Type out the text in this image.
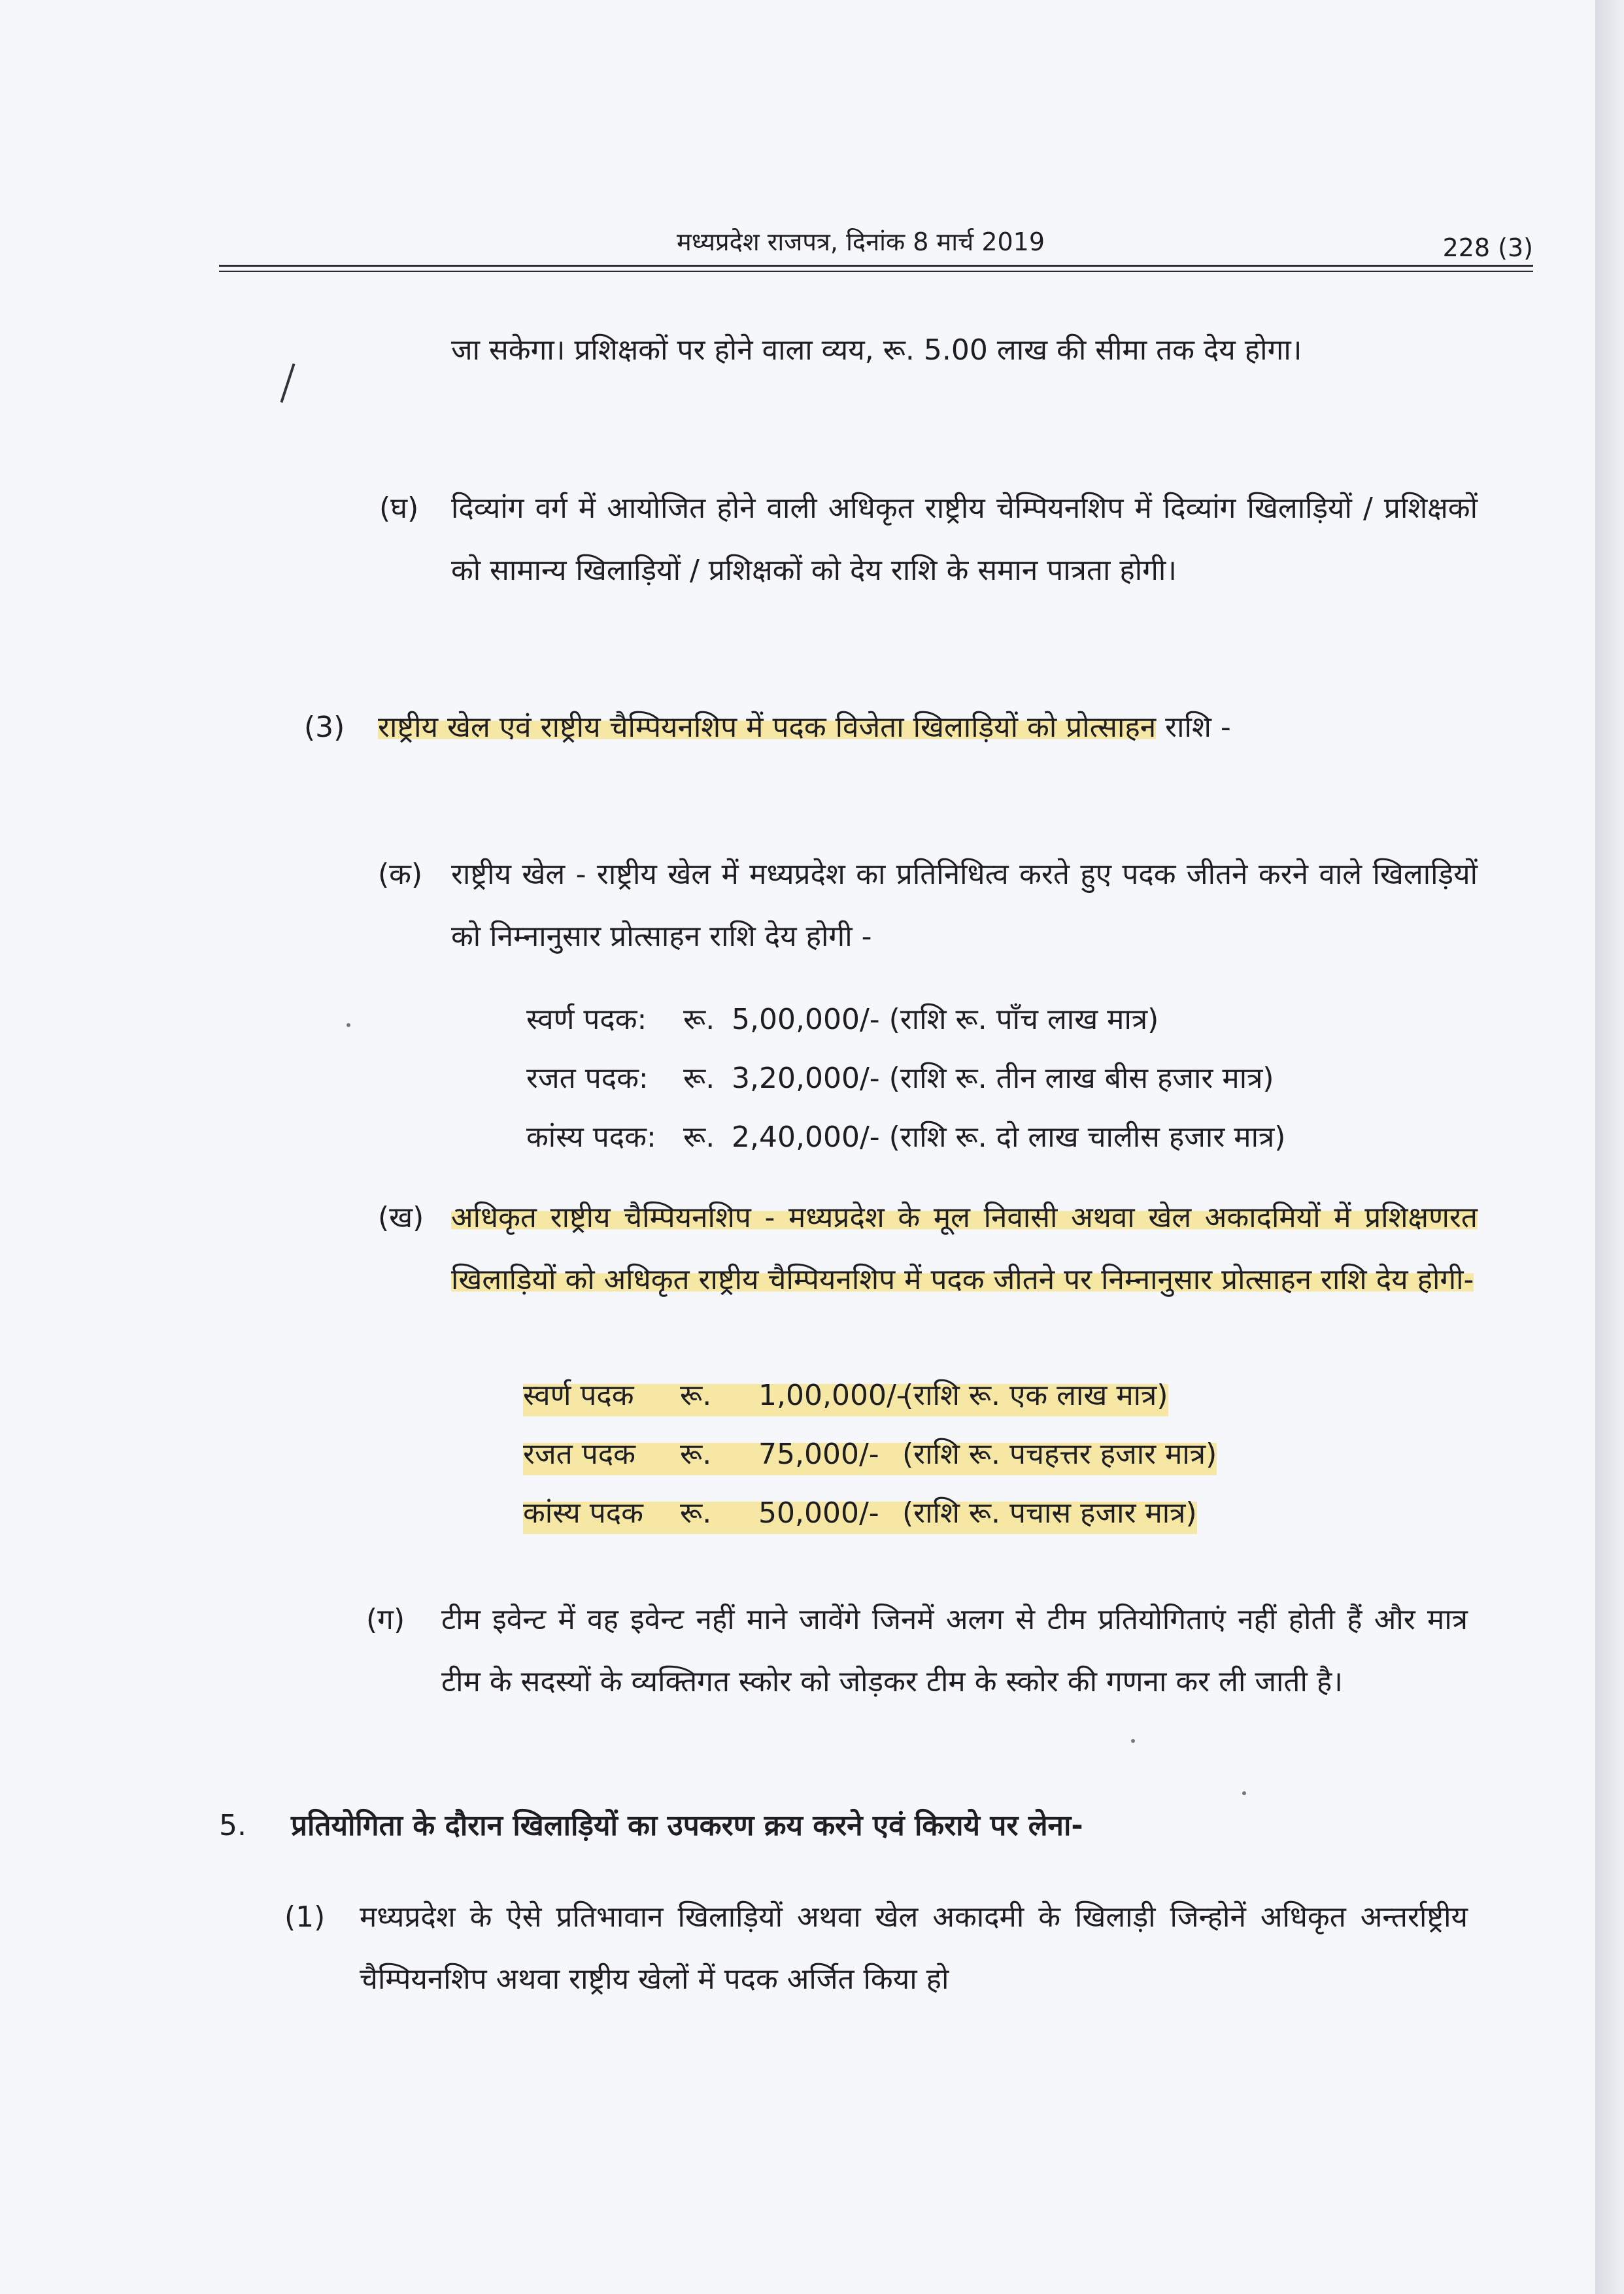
मध्यप्रदेश राजपत्र, दिनांक 8 मार्च 2019	228 (3)
जा सकेगा। प्रशिक्षकों पर होने वाला व्यय, रू. 5.00 लाख की सीमा तक देय होगा।
(घ) दिव्यांग वर्ग में आयोजित होने वाली अधिकृत राष्ट्रीय चेम्पियनशिप में दिव्यांग खिलाड़ियों / प्रशिक्षकों को सामान्य खिलाड़ियों / प्रशिक्षकों को देय राशि के समान पात्रता होगी।
(3) राष्ट्रीय खेल एवं राष्ट्रीय चैम्पियनशिप में पदक विजेता खिलाड़ियों को प्रोत्साहन राशि -
(क) राष्ट्रीय खेल - राष्ट्रीय खेल में मध्यप्रदेश का प्रतिनिधित्व करते हुए पदक जीतने करने वाले खिलाड़ियों को निम्नानुसार प्रोत्साहन राशि देय होगी -
स्वर्ण पदक: रू. 5,00,000/- (राशि रू. पाँच लाख मात्र)
रजत पदक: रू. 3,20,000/- (राशि रू. तीन लाख बीस हजार मात्र)
कांस्य पदक: रू. 2,40,000/- (राशि रू. दो लाख चालीस हजार मात्र)
(ख) अधिकृत राष्ट्रीय चैम्पियनशिप - मध्यप्रदेश के मूल निवासी अथवा खेल अकादमियों में प्रशिक्षणरत खिलाड़ियों को अधिकृत राष्ट्रीय चैम्पियनशिप में पदक जीतने पर निम्नानुसार प्रोत्साहन राशि देय होगी-
स्वर्ण पदक रू. 1,00,000/-(राशि रू. एक लाख मात्र)
रजत पदक रू. 75,000/- (राशि रू. पचहत्तर हजार मात्र)
कांस्य पदक रू. 50,000/- (राशि रू. पचास हजार मात्र)
(ग) टीम इवेन्ट में वह इवेन्ट नहीं माने जावेंगे जिनमें अलग से टीम प्रतियोगिताएं नहीं होती हैं और मात्र टीम के सदस्यों के व्यक्तिगत स्कोर को जोड़कर टीम के स्कोर की गणना कर ली जाती है।
5. प्रतियोगिता के दौरान खिलाड़ियों का उपकरण क्रय करने एवं किराये पर लेना-
(1) मध्यप्रदेश के ऐसे प्रतिभावान खिलाड़ियों अथवा खेल अकादमी के खिलाड़ी जिन्होनें अधिकृत अन्तर्राष्ट्रीय चैम्पियनशिप अथवा राष्ट्रीय खेलों में पदक अर्जित किया हो
